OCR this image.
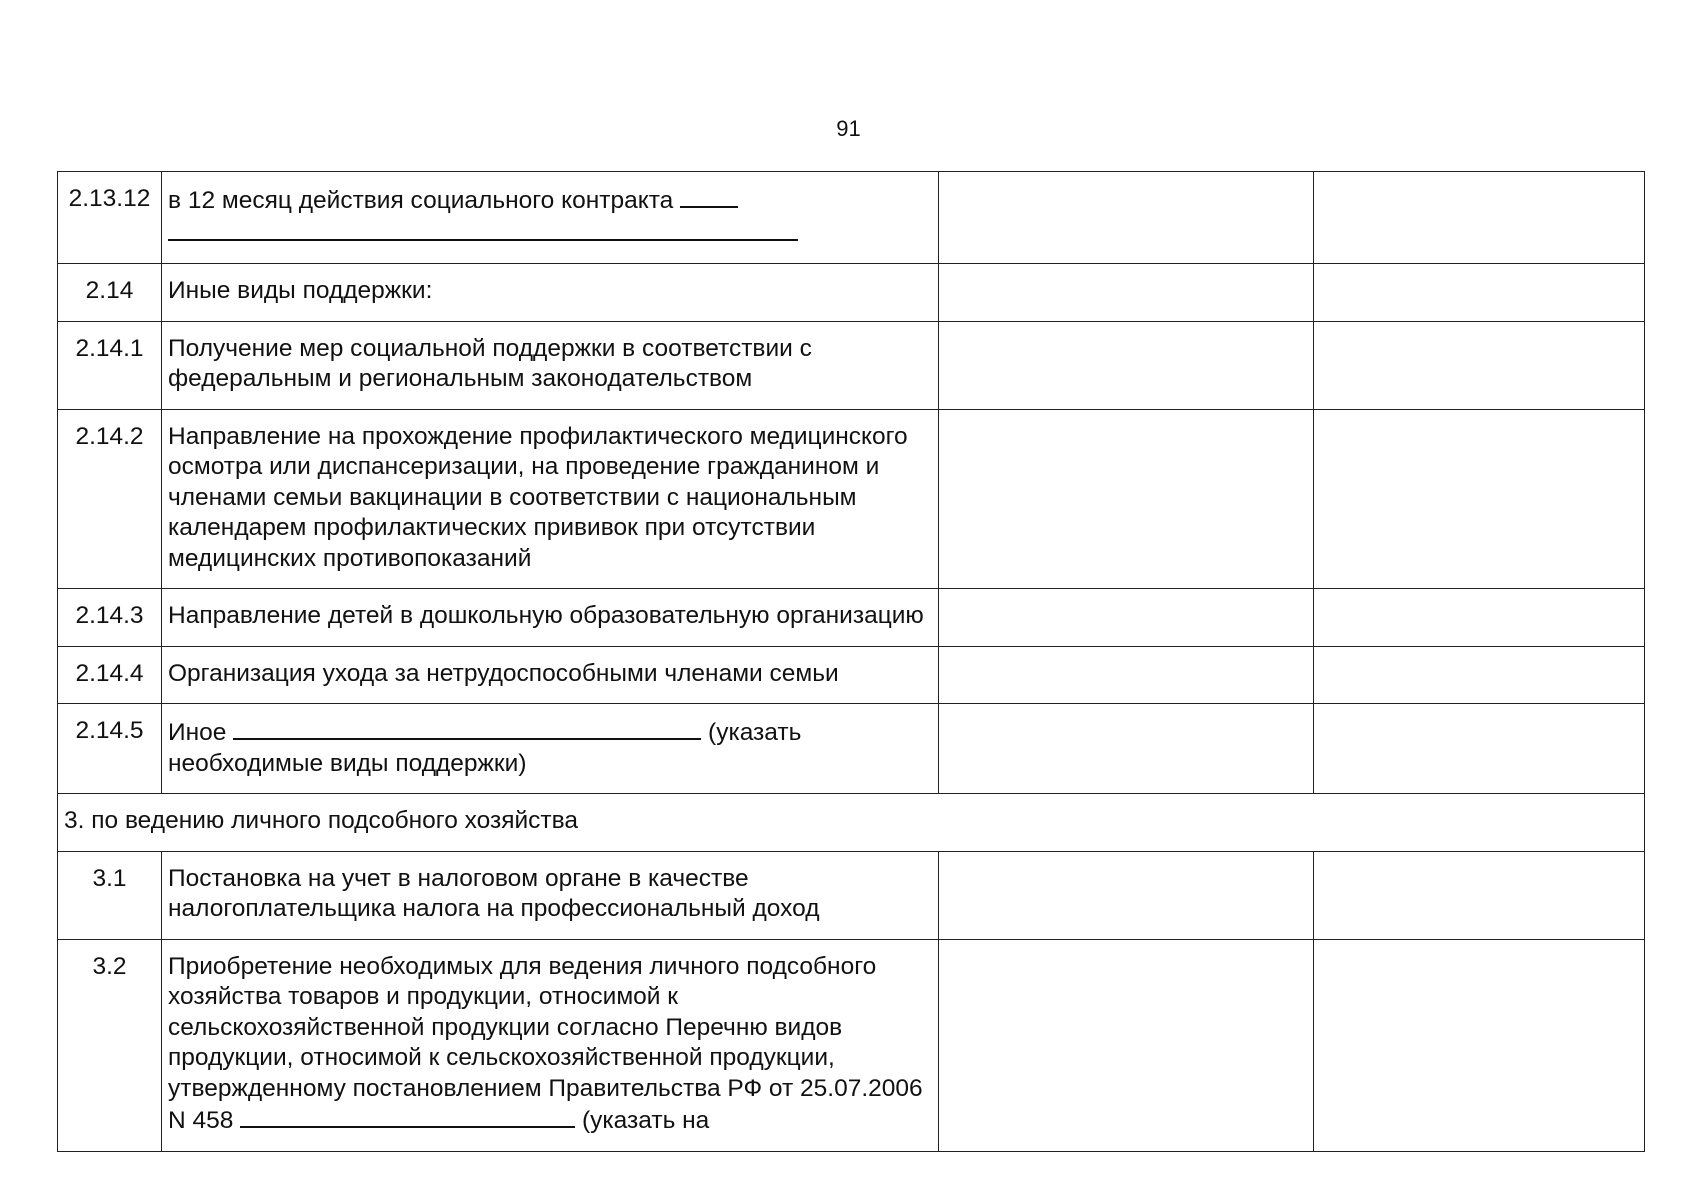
91
2.13.12	в 12 месяц действия социального контракта

2.14	Иные виды поддержки:		
2.14.1	Получение мер социальной поддержки в соответствии с федеральным и региональным законодательством		
2.14.2	Направление на прохождение профилактического медицинского осмотра или диспансеризации, на проведение гражданином и членами семьи вакцинации в соответствии с национальным календарем профилактических прививок при отсутствии медицинских противопоказаний		
2.14.3	Направление детей в дошкольную образовательную организацию		
2.14.4	Организация ухода за нетрудоспособными членами семьи		
2.14.5	Иное (указать необходимые виды поддержки)		
3. по ведению личного подсобного хозяйства			
3.1	Постановка на учет в налоговом органе в качестве налогоплательщика налога на профессиональный доход		
3.2	Приобретение необходимых для ведения личного подсобного хозяйства товаров и продукции, относимой к сельскохозяйственной продукции согласно Перечню видов продукции, относимой к сельскохозяйственной продукции, утвержденному постановлением Правительства РФ от 25.07.2006 N 458 (указать на		
